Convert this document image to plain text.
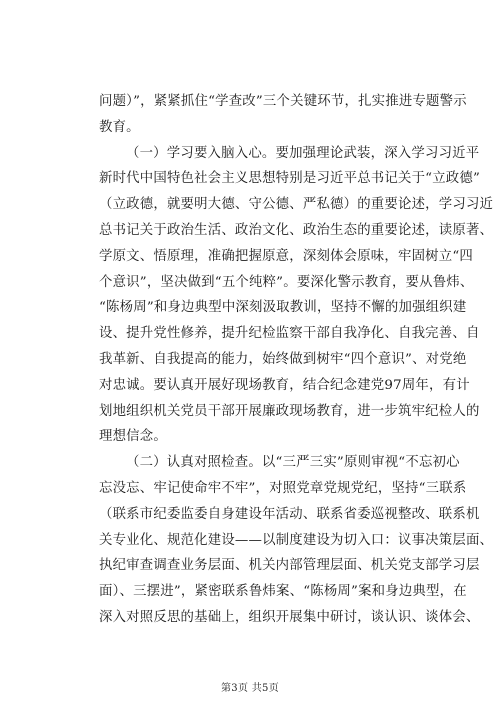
问题）”，紧紧抓住“学查改”三个关键环节，扎实推进专题警示
教育。
（一）学习要入脑入心。要加强理论武装，深入学习习近平
新时代中国特色社会主义思想特别是习近平总书记关于“立政德”
（立政德，就要明大德、守公德、严私德）的重要论述，学习习近
总书记关于政治生活、政治文化、政治生态的重要论述，读原著、
学原文、悟原理，准确把握原意，深刻体会原味，牢固树立“四
个意识”，坚决做到“五个纯粹”。要深化警示教育，要从鲁炜、
“陈杨周”和身边典型中深刻汲取教训，坚持不懈的加强组织建
设、提升党性修养，提升纪检监察干部自我净化、自我完善、自
我革新、自我提高的能力，始终做到树牢“四个意识”、对党绝
对忠诚。要认真开展好现场教育，结合纪念建党97周年，有计
划地组织机关党员干部开展廉政现场教育，进一步筑牢纪检人的
理想信念。
（二）认真对照检查。以“三严三实”原则审视“不忘初心
忘没忘、牢记使命牢不牢”，对照党章党规党纪，坚持“三联系
（联系市纪委监委自身建设年活动、联系省委巡视整改、联系机
关专业化、规范化建设——以制度建设为切入口：议事决策层面、
执纪审查调查业务层面、机关内部管理层面、机关党支部学习层
面）、三摆进”，紧密联系鲁炜案、“陈杨周”案和身边典型，在
深入对照反思的基础上，组织开展集中研讨，谈认识、谈体会、
第3页 共5页
